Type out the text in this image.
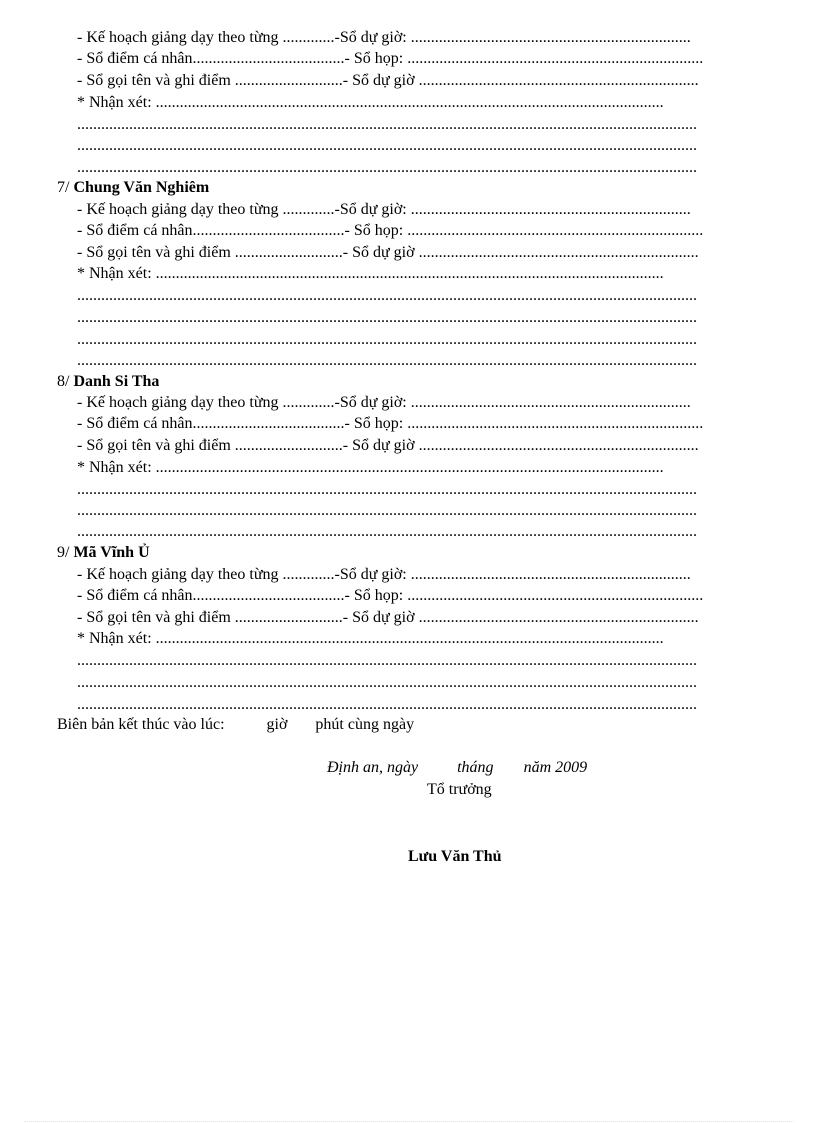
- Kế hoạch giảng dạy theo từng .............-Sổ dự giờ: ......................................................................
- Sổ điểm cá nhân......................................- Sổ họp: ..........................................................................
- Sổ gọi tên và ghi điểm ...........................- Sổ dự giờ ......................................................................
* Nhận xét: ...............................................................................................................................
...........................................................................................................................................................
...........................................................................................................................................................
...........................................................................................................................................................
7/ Chung Văn Nghiêm
- Kế hoạch giảng dạy theo từng .............-Sổ dự giờ: ......................................................................
- Sổ điểm cá nhân......................................- Sổ họp: ..........................................................................
- Sổ gọi tên và ghi điểm ...........................- Sổ dự giờ ......................................................................
* Nhận xét: ...............................................................................................................................
...........................................................................................................................................................
...........................................................................................................................................................
...........................................................................................................................................................
...........................................................................................................................................................
8/ Danh Si Tha
- Kế hoạch giảng dạy theo từng .............-Sổ dự giờ: ......................................................................
- Sổ điểm cá nhân......................................- Sổ họp: ..........................................................................
- Sổ gọi tên và ghi điểm ...........................- Sổ dự giờ ......................................................................
* Nhận xét: ...............................................................................................................................
...........................................................................................................................................................
...........................................................................................................................................................
...........................................................................................................................................................
9/ Mã Vĩnh Ủ
- Kế hoạch giảng dạy theo từng .............-Sổ dự giờ: ......................................................................
- Sổ điểm cá nhân......................................- Sổ họp: ..........................................................................
- Sổ gọi tên và ghi điểm ...........................- Sổ dự giờ ......................................................................
* Nhận xét: ...............................................................................................................................
...........................................................................................................................................................
...........................................................................................................................................................
...........................................................................................................................................................
Biên bản kết thúc vào lúc:	giờ phút cùng ngày
Định an, ngày tháng năm 2009
Tổ trưởng
Lưu Văn Thủ
